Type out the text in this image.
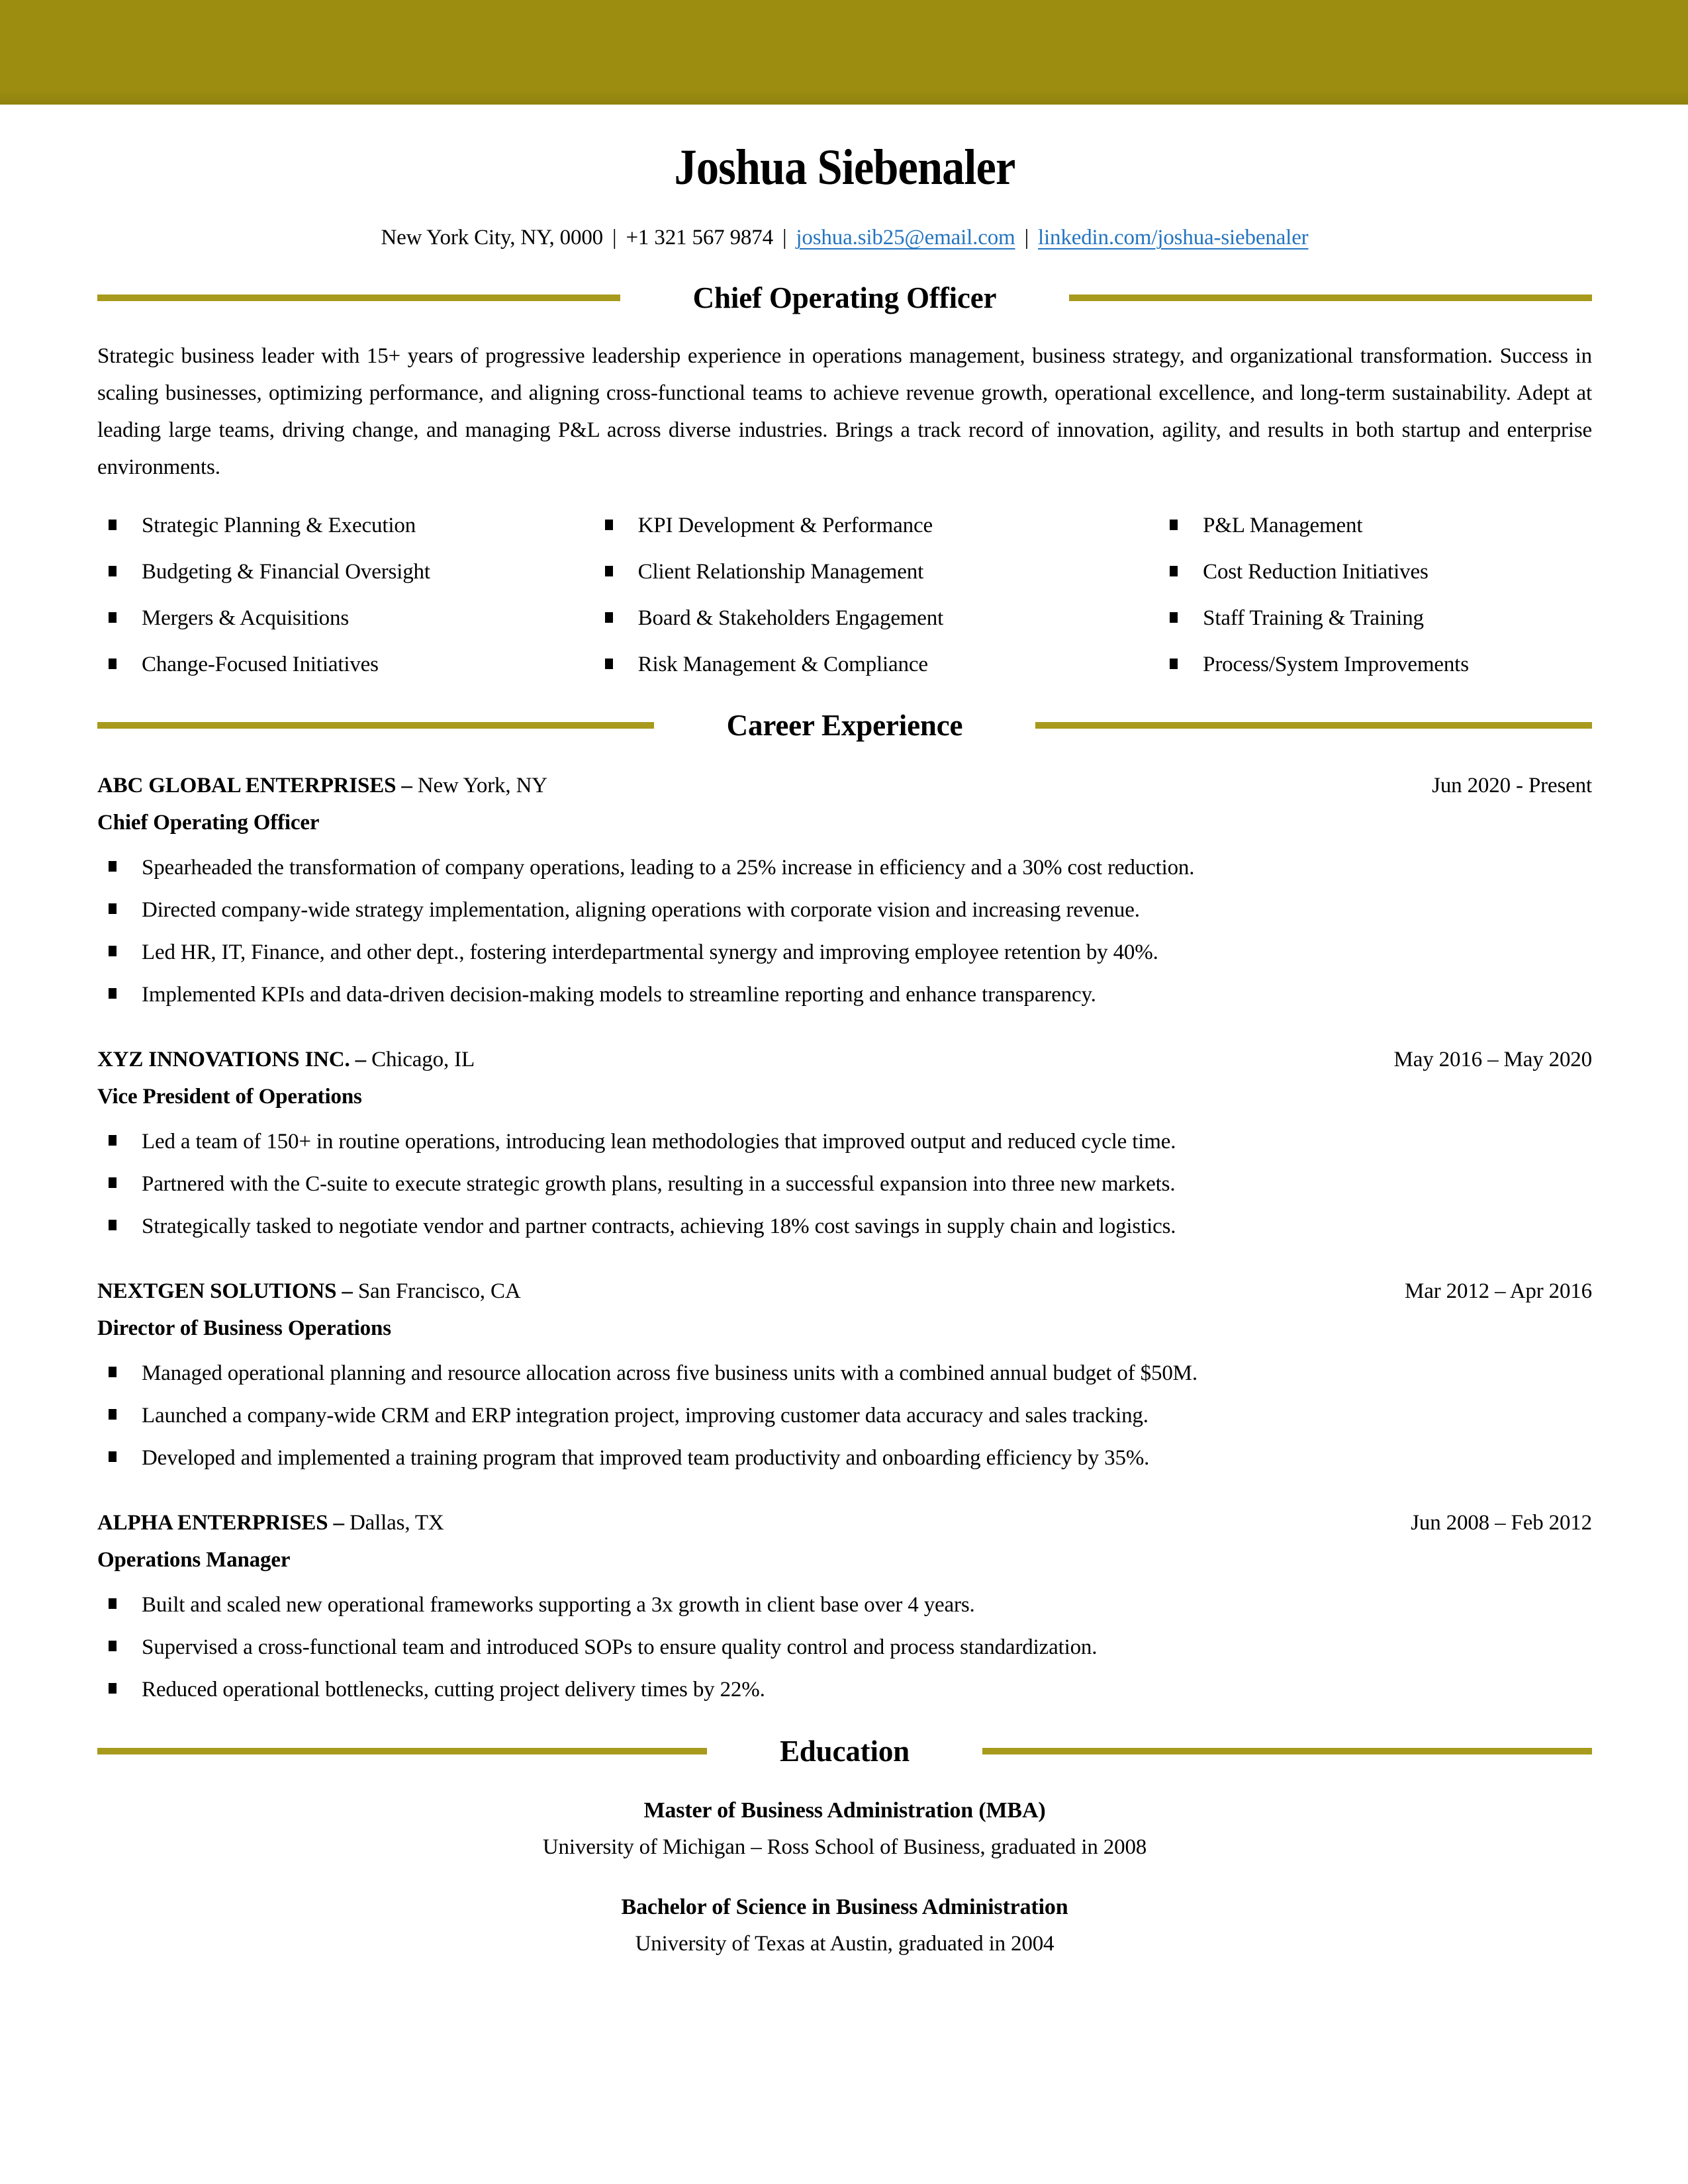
Joshua Siebenaler
New York City, NY, 0000 | +1 321 567 9874 | joshua.sib25@email.com | linkedin.com/joshua-siebenaler
Chief Operating Officer
Strategic business leader with 15+ years of progressive leadership experience in operations management, business strategy, and organizational transformation. Success in scaling businesses, optimizing performance, and aligning cross-functional teams to achieve revenue growth, operational excellence, and long-term sustainability. Adept at leading large teams, driving change, and managing P&L across diverse industries. Brings a track record of innovation, agility, and results in both startup and enterprise environments.
Strategic Planning & Execution
Budgeting & Financial Oversight
Mergers & Acquisitions
Change-Focused Initiatives
KPI Development & Performance
Client Relationship Management
Board & Stakeholders Engagement
Risk Management & Compliance
P&L Management
Cost Reduction Initiatives
Staff Training & Training
Process/System Improvements
Career Experience
ABC GLOBAL ENTERPRISES – New York, NY	Jun 2020 - Present
Chief Operating Officer
Spearheaded the transformation of company operations, leading to a 25% increase in efficiency and a 30% cost reduction.
Directed company-wide strategy implementation, aligning operations with corporate vision and increasing revenue.
Led HR, IT, Finance, and other dept., fostering interdepartmental synergy and improving employee retention by 40%.
Implemented KPIs and data-driven decision-making models to streamline reporting and enhance transparency.
XYZ INNOVATIONS INC. – Chicago, IL	May 2016 – May 2020
Vice President of Operations
Led a team of 150+ in routine operations, introducing lean methodologies that improved output and reduced cycle time.
Partnered with the C-suite to execute strategic growth plans, resulting in a successful expansion into three new markets.
Strategically tasked to negotiate vendor and partner contracts, achieving 18% cost savings in supply chain and logistics.
NEXTGEN SOLUTIONS – San Francisco, CA	Mar 2012 – Apr 2016
Director of Business Operations
Managed operational planning and resource allocation across five business units with a combined annual budget of $50M.
Launched a company-wide CRM and ERP integration project, improving customer data accuracy and sales tracking.
Developed and implemented a training program that improved team productivity and onboarding efficiency by 35%.
ALPHA ENTERPRISES – Dallas, TX	Jun 2008 – Feb 2012
Operations Manager
Built and scaled new operational frameworks supporting a 3x growth in client base over 4 years.
Supervised a cross-functional team and introduced SOPs to ensure quality control and process standardization.
Reduced operational bottlenecks, cutting project delivery times by 22%.
Education
Master of Business Administration (MBA)
University of Michigan – Ross School of Business, graduated in 2008
Bachelor of Science in Business Administration
University of Texas at Austin, graduated in 2004
